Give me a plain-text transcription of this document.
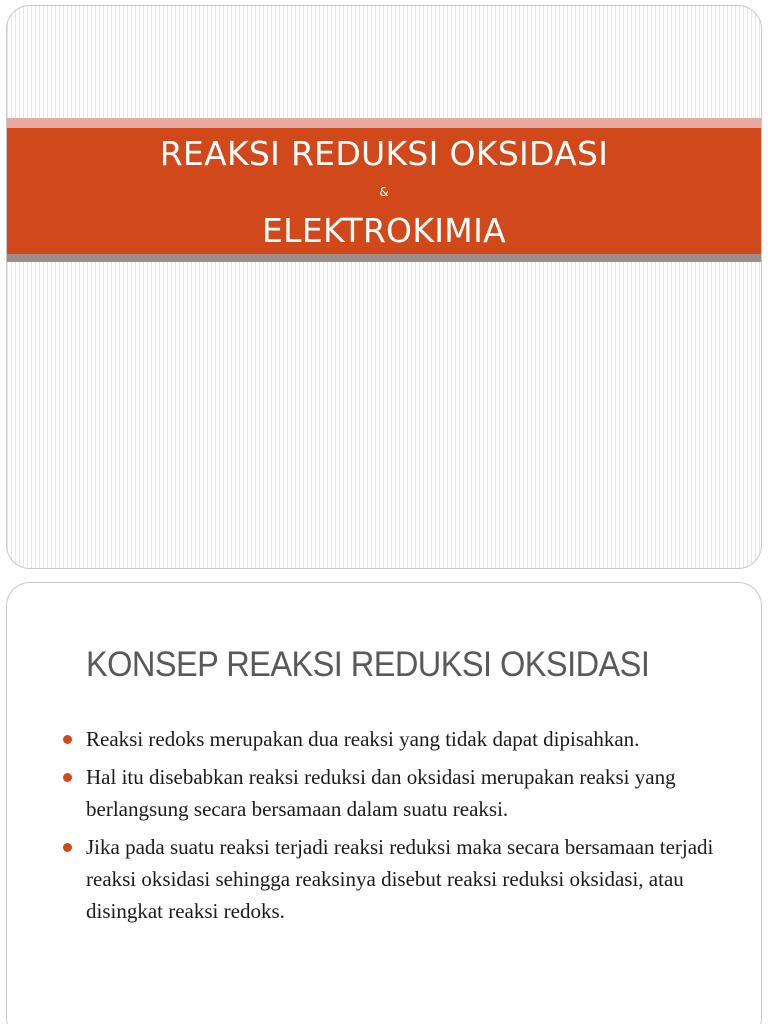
REAKSI REDUKSI OKSIDASI
&
ELEKTROKIMIA
KONSEP REAKSI REDUKSI OKSIDASI
Reaksi redoks merupakan dua reaksi yang tidak dapat dipisahkan.
Hal itu disebabkan reaksi reduksi dan oksidasi merupakan reaksi yang berlangsung secara bersamaan dalam suatu reaksi.
Jika pada suatu reaksi terjadi reaksi reduksi maka secara bersamaan terjadi reaksi oksidasi sehingga reaksinya disebut reaksi reduksi oksidasi, atau disingkat reaksi redoks.
